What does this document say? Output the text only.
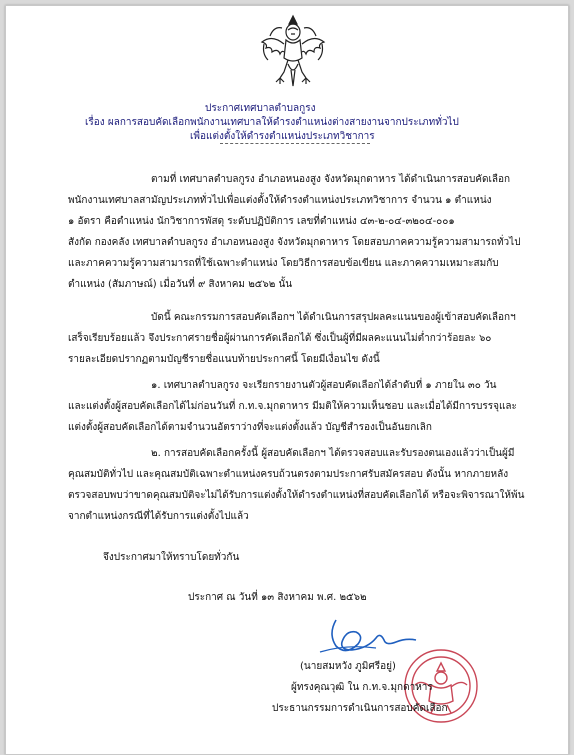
ประกาศเทศบาลตำบลกูรง
เรื่อง ผลการสอบคัดเลือกพนักงานเทศบาลให้ดำรงตำแหน่งต่างสายงานจากประเภททั่วไป
เพื่อแต่งตั้งให้ดำรงตำแหน่งประเภทวิชาการ
ตามที่ เทศบาลตำบลกูรง อำเภอหนองสูง จังหวัดมุกดาหาร ได้ดำเนินการสอบคัดเลือก
พนักงานเทศบาลสามัญประเภททั่วไปเพื่อแต่งตั้งให้ดำรงตำแหน่งประเภทวิชาการ จำนวน ๑ ตำแหน่ง
๑ อัตรา คือตำแหน่ง นักวิชาการพัสดุ ระดับปฏิบัติการ เลขที่ตำแหน่ง ๔๓-๒-๐๔-๓๒๐๔-๐๐๑
สังกัด กองคลัง เทศบาลตำบลกูรง อำเภอหนองสูง จังหวัดมุกดาหาร โดยสอบภาคความรู้ความสามารถทั่วไป
และภาคความรู้ความสามารถที่ใช้เฉพาะตำแหน่ง โดยวิธีการสอบข้อเขียน และภาคความเหมาะสมกับ
ตำแหน่ง (สัมภาษณ์) เมื่อวันที่ ๙ สิงหาคม ๒๕๖๒ นั้น
บัดนี้ คณะกรรมการสอบคัดเลือกฯ ได้ดำเนินการสรุปผลคะแนนของผู้เข้าสอบคัดเลือกฯ
เสร็จเรียบร้อยแล้ว จึงประกาศรายชื่อผู้ผ่านการคัดเลือกได้ ซึ่งเป็นผู้ที่มีผลคะแนนไม่ต่ำกว่าร้อยละ ๖๐
รายละเอียดปรากฏตามบัญชีรายชื่อแนบท้ายประกาศนี้ โดยมีเงื่อนไข ดังนี้
๑. เทศบาลตำบลกูรง จะเรียกรายงานตัวผู้สอบคัดเลือกได้ลำดับที่ ๑ ภายใน ๓๐ วัน
และแต่งตั้งผู้สอบคัดเลือกได้ไม่ก่อนวันที่ ก.ท.จ.มุกดาหาร มีมติให้ความเห็นชอบ และเมื่อได้มีการบรรจุและ
แต่งตั้งผู้สอบคัดเลือกได้ตามจำนวนอัตราว่างที่จะแต่งตั้งแล้ว บัญชีสำรองเป็นอันยกเลิก
๒. การสอบคัดเลือกครั้งนี้ ผู้สอบคัดเลือกฯ ได้ตรวจสอบและรับรองตนเองแล้วว่าเป็นผู้มี
คุณสมบัติทั่วไป และคุณสมบัติเฉพาะตำแหน่งครบถ้วนตรงตามประกาศรับสมัครสอบ ดังนั้น หากภายหลัง
ตรวจสอบพบว่าขาดคุณสมบัติจะไม่ได้รับการแต่งตั้งให้ดำรงตำแหน่งที่สอบคัดเลือกได้ หรือจะพิจารณาให้พ้น
จากตำแหน่งกรณีที่ได้รับการแต่งตั้งไปแล้ว
จึงประกาศมาให้ทราบโดยทั่วกัน
ประกาศ ณ วันที่ ๑๓ สิงหาคม พ.ศ. ๒๕๖๒
(นายสมหวัง ภูมิศรีอยู่)
ผู้ทรงคุณวุฒิ ใน ก.ท.จ.มุกดาหาร
ประธานกรรมการดำเนินการสอบคัดเลือก
